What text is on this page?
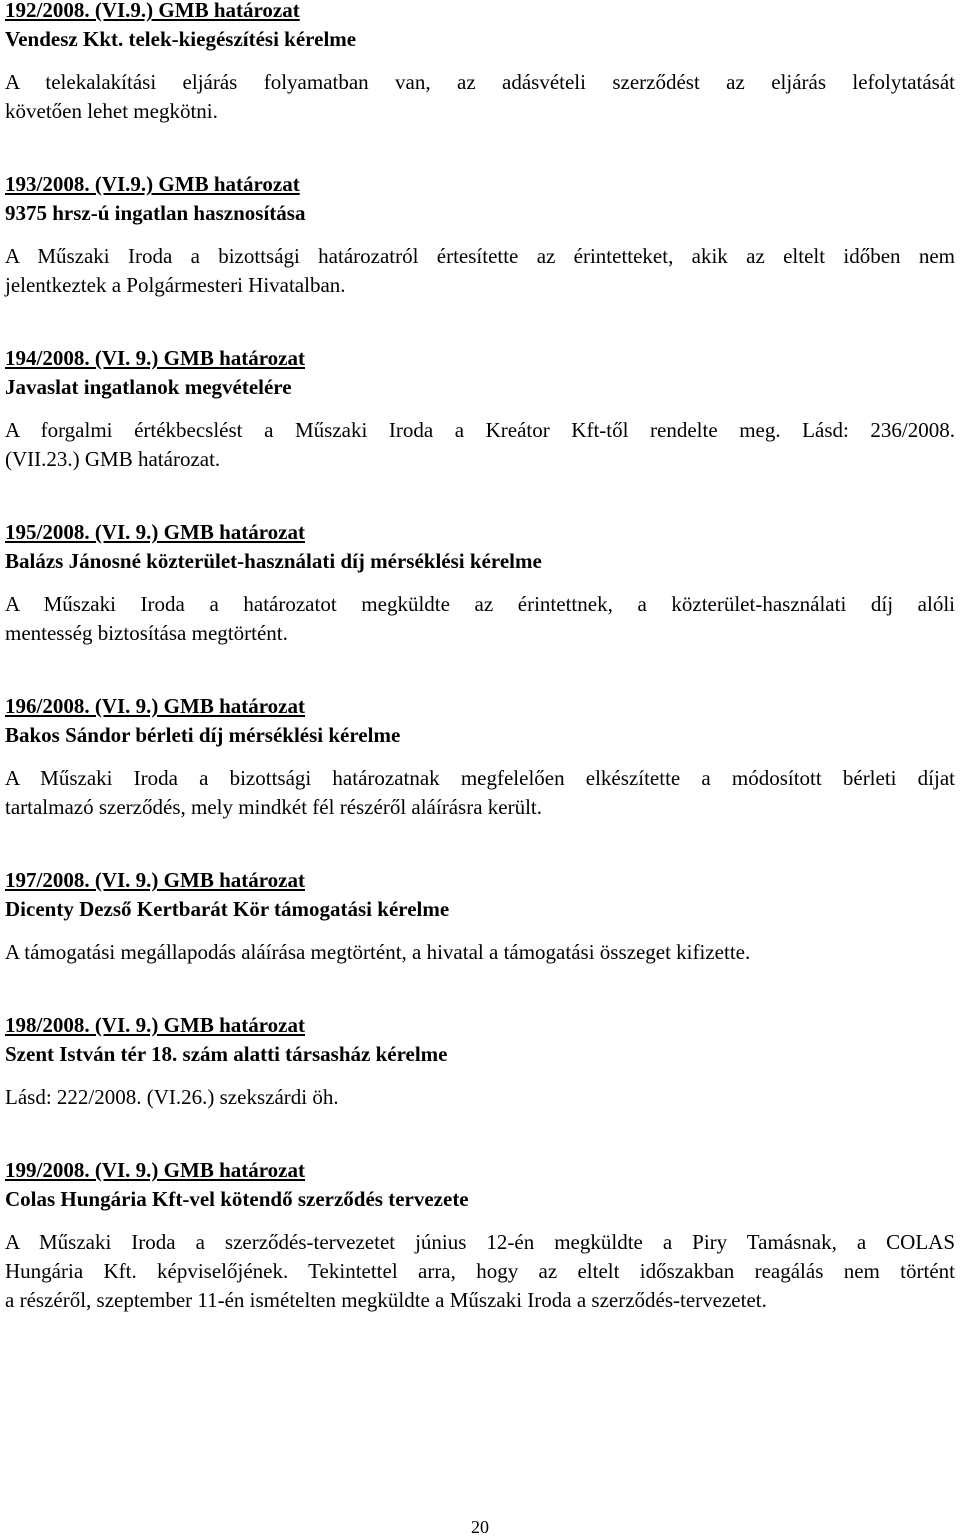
192/2008. (VI.9.) GMB határozat
Vendesz Kkt. telek-kiegészítési kérelme
A telekalakítási eljárás folyamatban van, az adásvételi szerződést az eljárás lefolytatását
követően lehet megkötni.
193/2008. (VI.9.) GMB határozat
9375 hrsz-ú ingatlan hasznosítása
A Műszaki Iroda a bizottsági határozatról értesítette az érintetteket, akik az eltelt időben nem
jelentkeztek a Polgármesteri Hivatalban.
194/2008. (VI. 9.) GMB határozat
Javaslat ingatlanok megvételére
A forgalmi értékbecslést a Műszaki Iroda a Kreátor Kft-től rendelte meg. Lásd: 236/2008.
(VII.23.) GMB határozat.
195/2008. (VI. 9.) GMB határozat
Balázs Jánosné közterület-használati díj mérséklési kérelme
A Műszaki Iroda a határozatot megküldte az érintettnek, a közterület-használati díj alóli
mentesség biztosítása megtörtént.
196/2008. (VI. 9.) GMB határozat
Bakos Sándor bérleti díj mérséklési kérelme
A Műszaki Iroda a bizottsági határozatnak megfelelően elkészítette a módosított bérleti díjat
tartalmazó szerződés, mely mindkét fél részéről aláírásra került.
197/2008. (VI. 9.) GMB határozat
Dicenty Dezső Kertbarát Kör támogatási kérelme
A támogatási megállapodás aláírása megtörtént, a hivatal a támogatási összeget kifizette.
198/2008. (VI. 9.) GMB határozat
Szent István tér 18. szám alatti társasház kérelme
Lásd: 222/2008. (VI.26.) szekszárdi öh.
199/2008. (VI. 9.) GMB határozat
Colas Hungária Kft-vel kötendő szerződés tervezete
A Műszaki Iroda a szerződés-tervezetet június 12-én megküldte a Piry Tamásnak, a COLAS
Hungária Kft. képviselőjének. Tekintettel arra, hogy az eltelt időszakban reagálás nem történt
a részéről, szeptember 11-én ismételten megküldte a Műszaki Iroda a szerződés-tervezetet.
20
